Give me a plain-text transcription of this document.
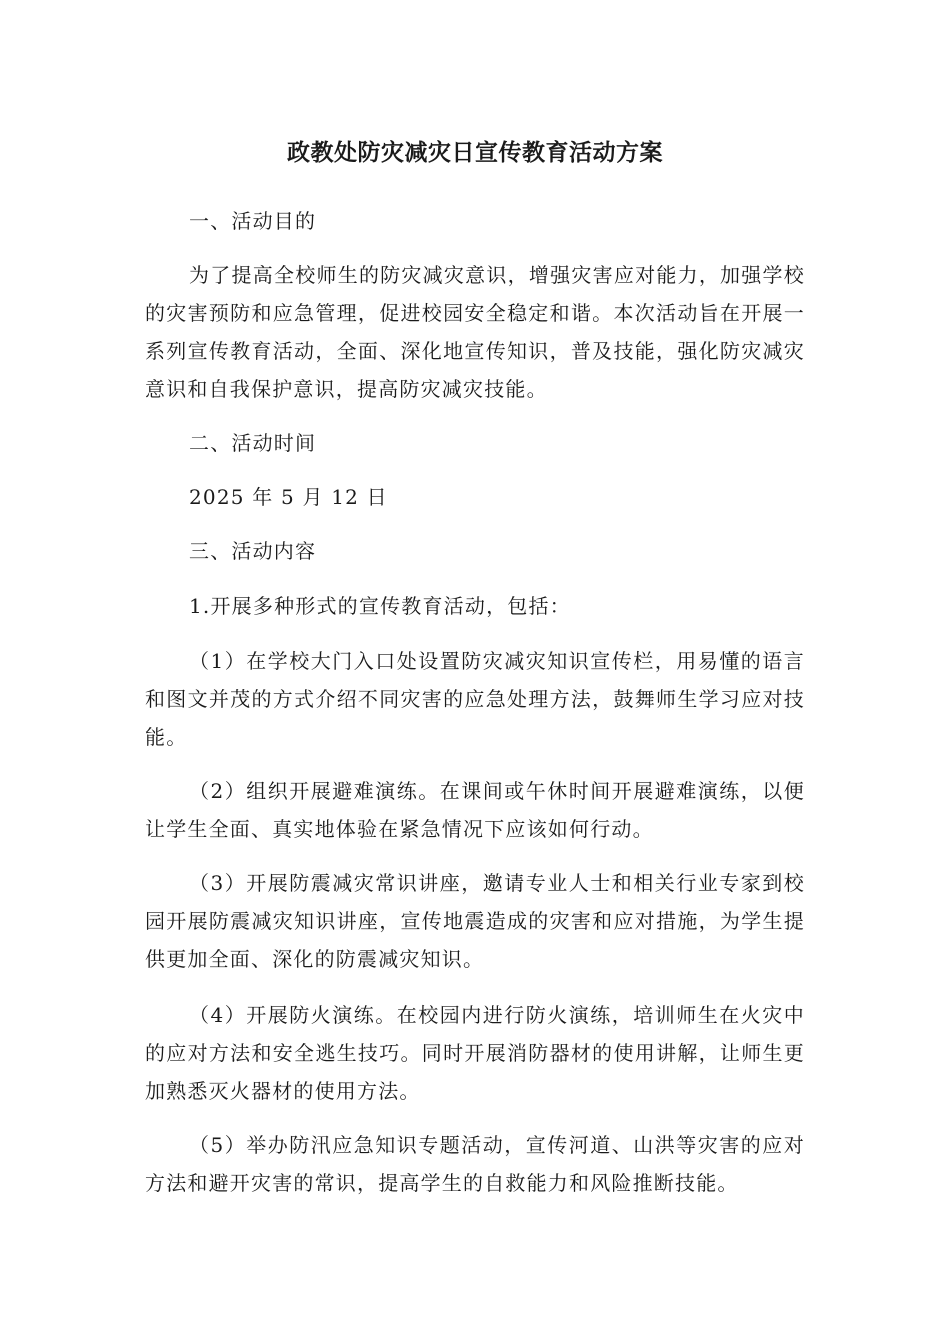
政教处防灾减灾日宣传教育活动方案

一、活动目的

为了提高全校师生的防灾减灾意识，增强灾害应对能力，加强学校的灾害预防和应急管理，促进校园安全稳定和谐。本次活动旨在开展一系列宣传教育活动，全面、深化地宣传知识，普及技能，强化防灾减灾意识和自我保护意识，提高防灾减灾技能。

二、活动时间

2025 年 5 月 12 日

三、活动内容

1.开展多种形式的宣传教育活动，包括：

（1）在学校大门入口处设置防灾减灾知识宣传栏，用易懂的语言和图文并茂的方式介绍不同灾害的应急处理方法，鼓舞师生学习应对技能。

（2）组织开展避难演练。在课间或午休时间开展避难演练，以便让学生全面、真实地体验在紧急情况下应该如何行动。

（3）开展防震减灾常识讲座，邀请专业人士和相关行业专家到校园开展防震减灾知识讲座，宣传地震造成的灾害和应对措施，为学生提供更加全面、深化的防震减灾知识。

（4）开展防火演练。在校园内进行防火演练，培训师生在火灾中的应对方法和安全逃生技巧。同时开展消防器材的使用讲解，让师生更加熟悉灭火器材的使用方法。

（5）举办防汛应急知识专题活动，宣传河道、山洪等灾害的应对方法和避开灾害的常识，提高学生的自救能力和风险推断技能。
